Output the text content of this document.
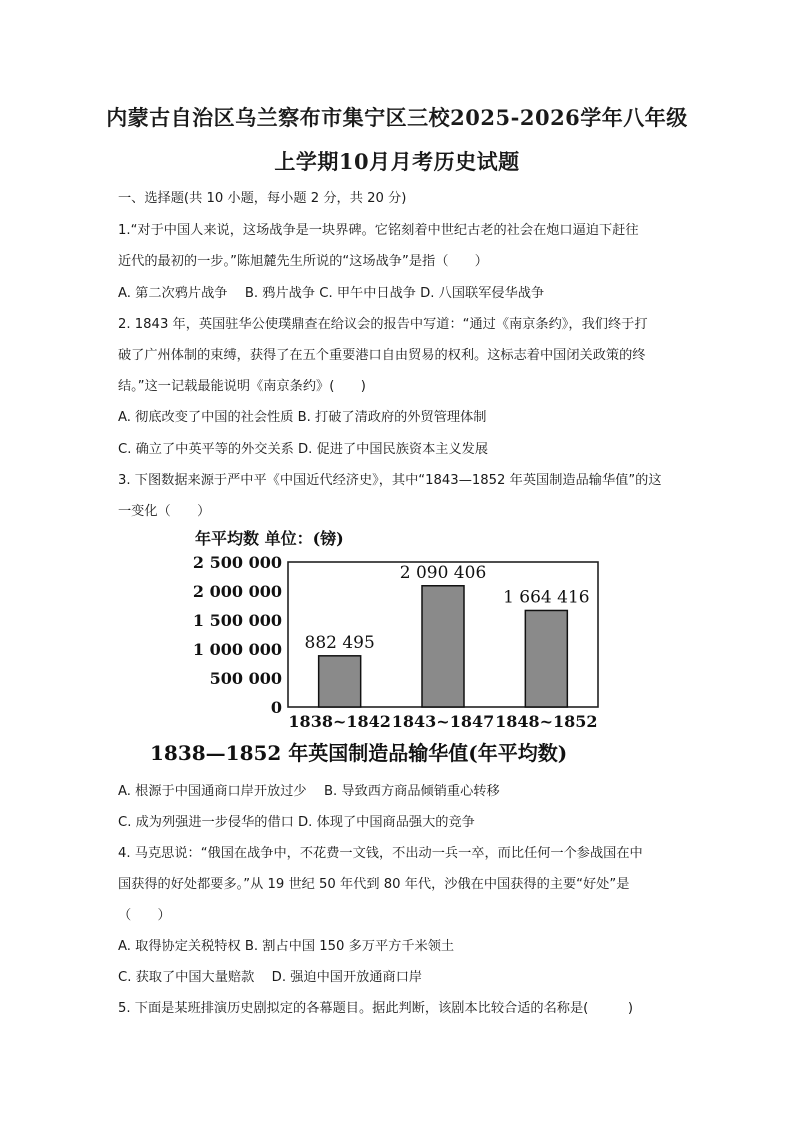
内蒙古自治区乌兰察布市集宁区三校2025-2026学年八年级
上学期10月月考历史试题
一、选择题(共 10 小题，每小题 2 分，共 20 分)
1.“对于中国人来说，这场战争是一块界碑。它铭刻着中世纪古老的社会在炮口逼迫下赶往
近代的最初的一步。”陈旭麓先生所说的“这场战争”是指（　　）
A. 第二次鸦片战争　 B. 鸦片战争 C. 甲午中日战争 D. 八国联军侵华战争
2. 1843 年，英国驻华公使璞鼎查在给议会的报告中写道：“通过《南京条约》，我们终于打
破了广州体制的束缚，获得了在五个重要港口自由贸易的权利。这标志着中国闭关政策的终
结。”这一记载最能说明《南京条约》(　　)
A. 彻底改变了中国的社会性质 B. 打破了清政府的外贸管理体制
C. 确立了中英平等的外交关系 D. 促进了中国民族资本主义发展
3. 下图数据来源于严中平《中国近代经济史》，其中“1843—1852 年英国制造品输华值”的这
一变化（　　）
年平均数 单位：(镑)
2 500 000
2 000 000
1 500 000
1 000 000
500 000
0
882 495
2 090 406
1 664 416
1838~1842 1843~1847 1848~1852
1838—1852 年英国制造品输华值(年平均数)
A. 根源于中国通商口岸开放过少　 B. 导致西方商品倾销重心转移
C. 成为列强进一步侵华的借口 D. 体现了中国商品强大的竞争
4. 马克思说：“俄国在战争中，不花费一文钱，不出动一兵一卒，而比任何一个参战国在中
国获得的好处都要多。”从 19 世纪 50 年代到 80 年代，沙俄在中国获得的主要“好处”是
（　　）
A. 取得协定关税特权 B. 割占中国 150 多万平方千米领土
C. 获取了中国大量赔款　 D. 强迫中国开放通商口岸
5. 下面是某班排演历史剧拟定的各幕题目。据此判断，该剧本比较合适的名称是(　　　)
